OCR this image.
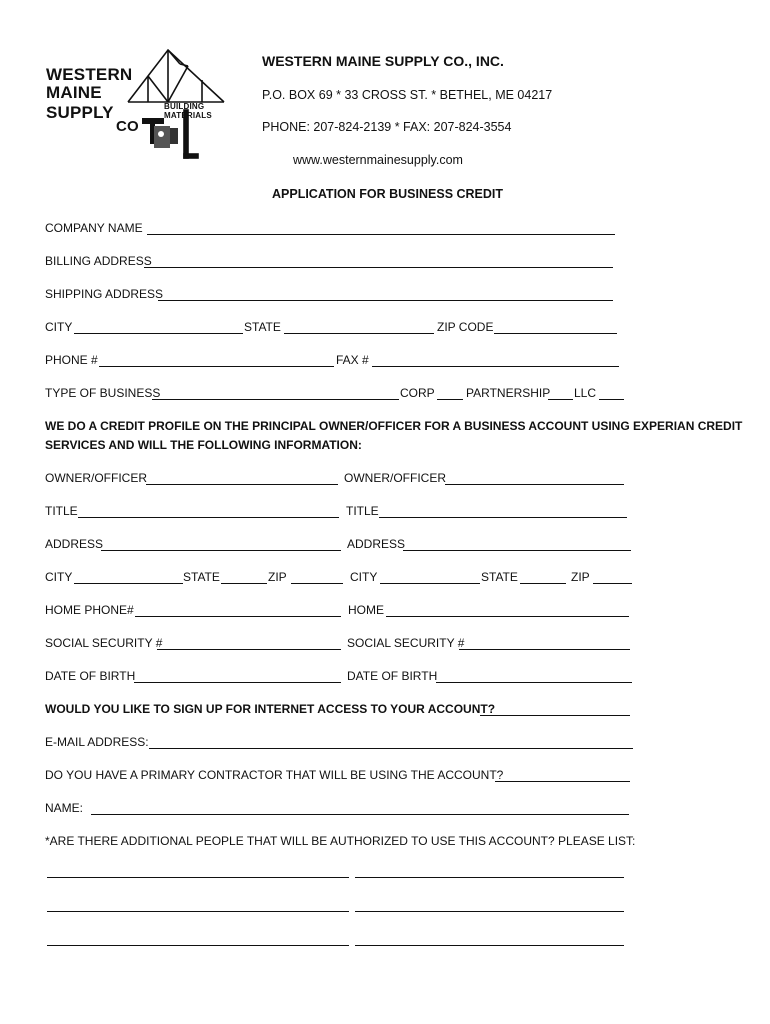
WESTERN
MAINE
SUPPLY
CO
BUILDING
MATERIALS
WESTERN MAINE SUPPLY CO., INC.
P.O. BOX 69 * 33 CROSS ST. * BETHEL, ME 04217
PHONE: 207-824-2139 * FAX: 207-824-3554
www.westernmainesupply.com
APPLICATION FOR BUSINESS CREDIT
COMPANY NAME
BILLING ADDRESS
SHIPPING ADDRESS
CITY	STATE	ZIP CODE
PHONE #	FAX #
TYPE OF BUSINESS	CORP	PARTNERSHIP LLC
WE DO A CREDIT PROFILE ON THE PRINCIPAL OWNER/OFFICER FOR A BUSINESS ACCOUNT USING EXPERIAN CREDIT
SERVICES AND WILL THE FOLLOWING INFORMATION:
OWNER/OFFICER	OWNER/OFFICER
TITLE	TITLE
ADDRESS	ADDRESS
CITY	STATE	ZIP	CITY	STATE	ZIP
HOME PHONE#	HOME
SOCIAL SECURITY #	SOCIAL SECURITY #
DATE OF BIRTH	DATE OF BIRTH
WOULD YOU LIKE TO SIGN UP FOR INTERNET ACCESS TO YOUR ACCOUNT?
E-MAIL ADDRESS:
DO YOU HAVE A PRIMARY CONTRACTOR THAT WILL BE USING THE ACCOUNT?
NAME:
*ARE THERE ADDITIONAL PEOPLE THAT WILL BE AUTHORIZED TO USE THIS ACCOUNT? PLEASE LIST:
